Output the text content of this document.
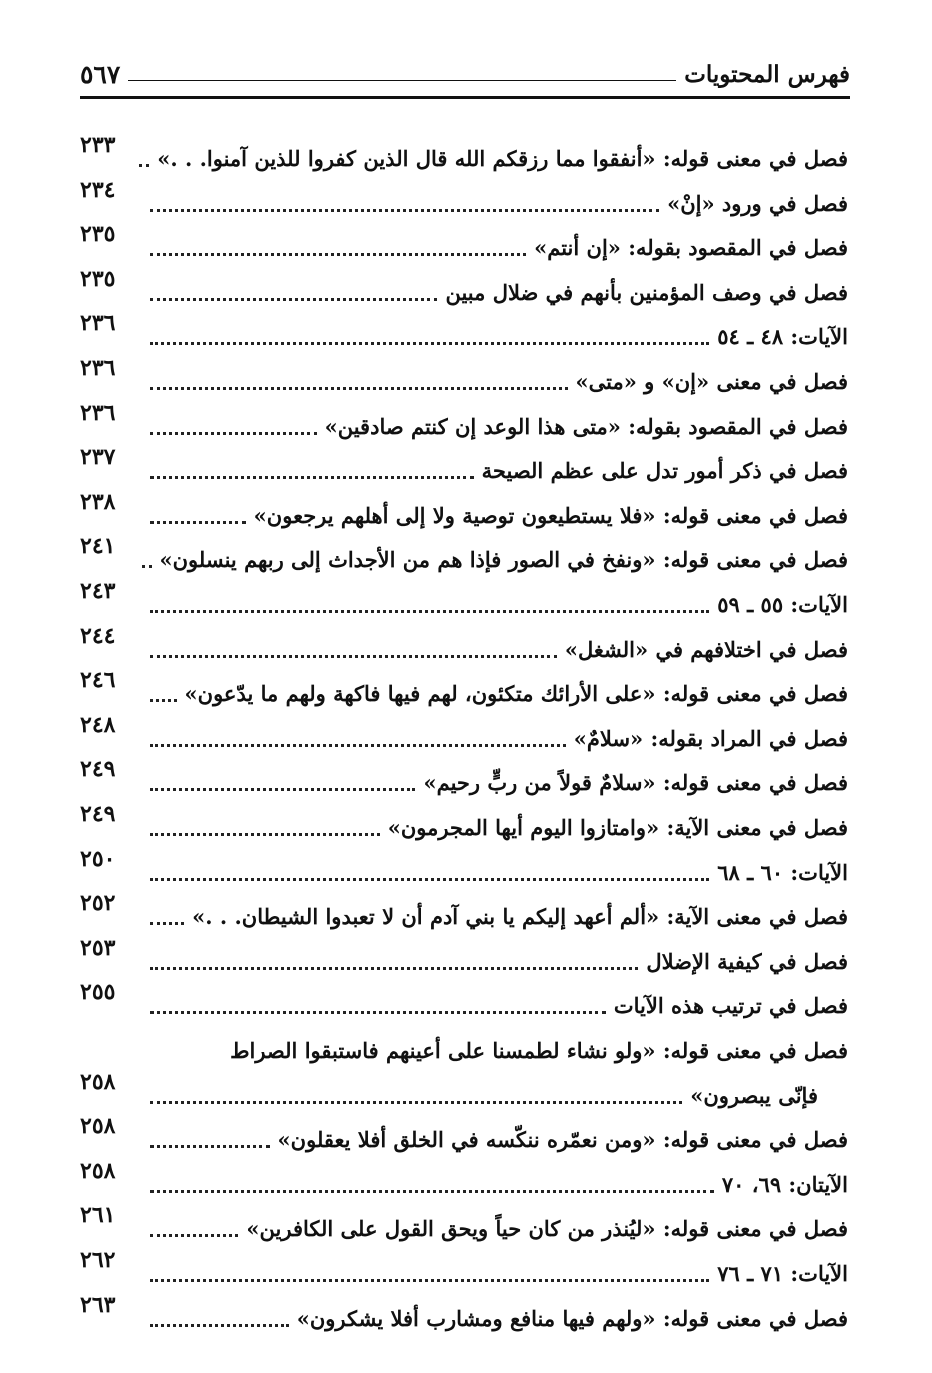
فهرس المحتويات
٥٦٧
فصل في معنى قوله: «أنفقوا مما رزقكم الله قال الذين كفروا للذين آمنوا. . .»
٢٣٣
فصل في ورود «إنْ»
٢٣٤
فصل في المقصود بقوله: «إن أنتم»
٢٣٥
فصل في وصف المؤمنين بأنهم في ضلال مبين
٢٣٥
الآيات: ٤٨ ـ ٥٤
٢٣٦
فصل في معنى «إن» و «متى»
٢٣٦
فصل في المقصود بقوله: «متى هذا الوعد إن كنتم صادقين»
٢٣٦
فصل في ذكر أمور تدل على عظم الصيحة
٢٣٧
فصل في معنى قوله: «فلا يستطيعون توصية ولا إلى أهلهم يرجعون»
٢٣٨
فصل في معنى قوله: «ونفخ في الصور فإذا هم من الأجداث إلى ربهم ينسلون»
٢٤١
الآيات: ٥٥ ـ ٥٩
٢٤٣
فصل في اختلافهم في «الشغل»
٢٤٤
فصل في معنى قوله: «على الأرائك متكئون، لهم فيها فاكهة ولهم ما يدّعون»
٢٤٦
فصل في المراد بقوله: «سلامٌ»
٢٤٨
فصل في معنى قوله: «سلامٌ قولاً من ربٍّ رحيم»
٢٤٩
فصل في معنى الآية: «وامتازوا اليوم أيها المجرمون»
٢٤٩
الآيات: ٦٠ ـ ٦٨
٢٥٠
فصل في معنى الآية: «ألم أعهد إليكم يا بني آدم أن لا تعبدوا الشيطان. . .»
٢٥٢
فصل في كيفية الإضلال
٢٥٣
فصل في ترتيب هذه الآيات
٢٥٥
فصل في معنى قوله: «ولو نشاء لطمسنا على أعينهم فاستبقوا الصراط
فإنّى يبصرون»
٢٥٨
فصل في معنى قوله: «ومن نعمّره ننكّسه في الخلق أفلا يعقلون»
٢٥٨
الآيتان: ٦٩، ٧٠
٢٥٨
فصل في معنى قوله: «ليُنذر من كان حياً ويحق القول على الكافرين»
٢٦١
الآيات: ٧١ ـ ٧٦
٢٦٢
فصل في معنى قوله: «ولهم فيها منافع ومشارب أفلا يشكرون»
٢٦٣
